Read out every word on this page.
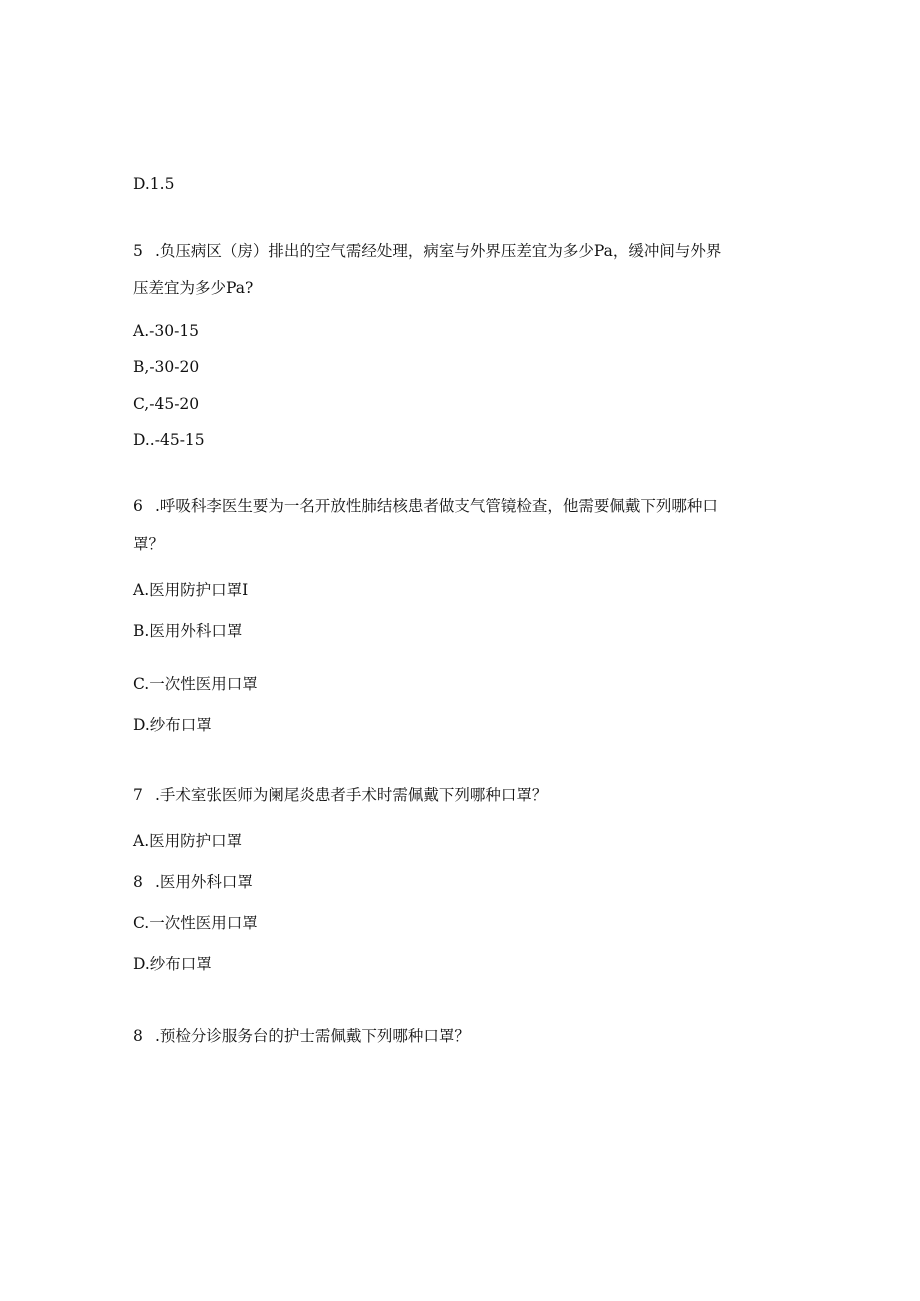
D.1.5
5 .负压病区（房）排出的空气需经处理，病室与外界压差宜为多少Pa，缓冲间与外界
压差宜为多少Pa?
A.-30-15
B,-30-20
C,-45-20
D..-45-15
6 .呼吸科李医生要为一名开放性肺结核患者做支气管镜检查，他需要佩戴下列哪种口
罩？
A.医用防护口罩I
B.医用外科口罩
C.一次性医用口罩
D.纱布口罩
7 .手术室张医师为阑尾炎患者手术时需佩戴下列哪种口罩？
A.医用防护口罩
8 .医用外科口罩
C.一次性医用口罩
D.纱布口罩
8 .预检分诊服务台的护士需佩戴下列哪种口罩？
